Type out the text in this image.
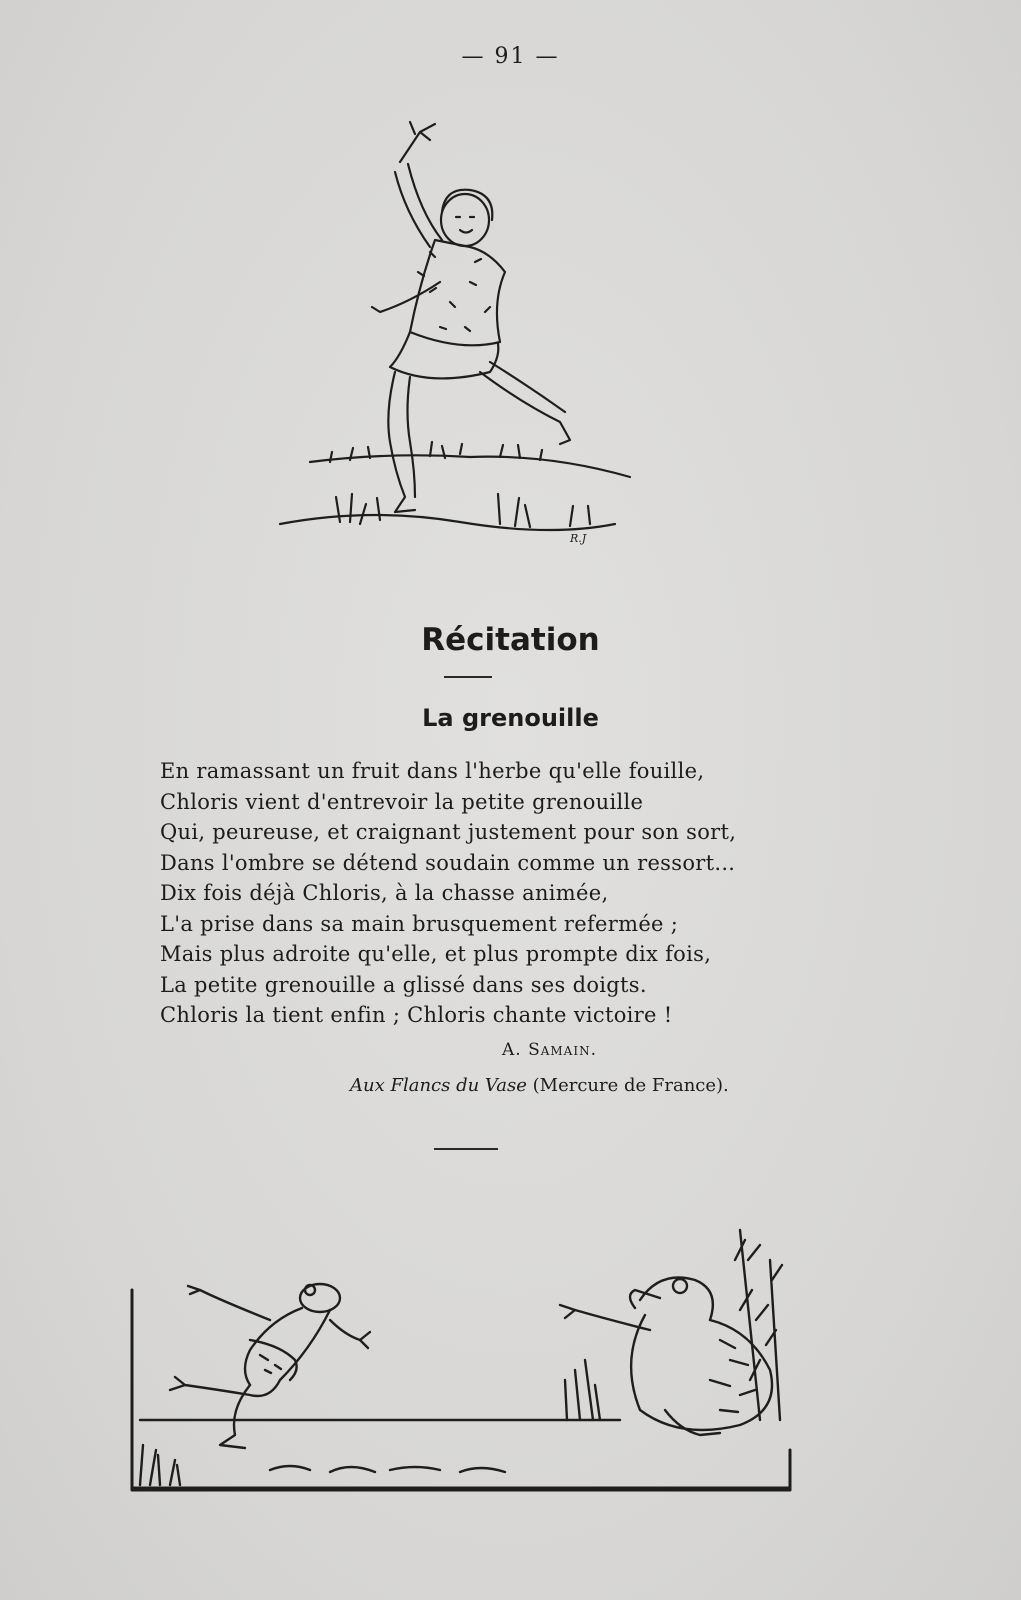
— 91 —
R.J
Récitation
La grenouille
En ramassant un fruit dans l'herbe qu'elle fouille,
Chloris vient d'entrevoir la petite grenouille
Qui, peureuse, et craignant justement pour son sort,
Dans l'ombre se détend soudain comme un ressort...
Dix fois déjà Chloris, à la chasse animée,
L'a prise dans sa main brusquement refermée ;
Mais plus adroite qu'elle, et plus prompte dix fois,
La petite grenouille a glissé dans ses doigts.
Chloris la tient enfin ; Chloris chante victoire !
A. Samain.
Aux Flancs du Vase (Mercure de France).
